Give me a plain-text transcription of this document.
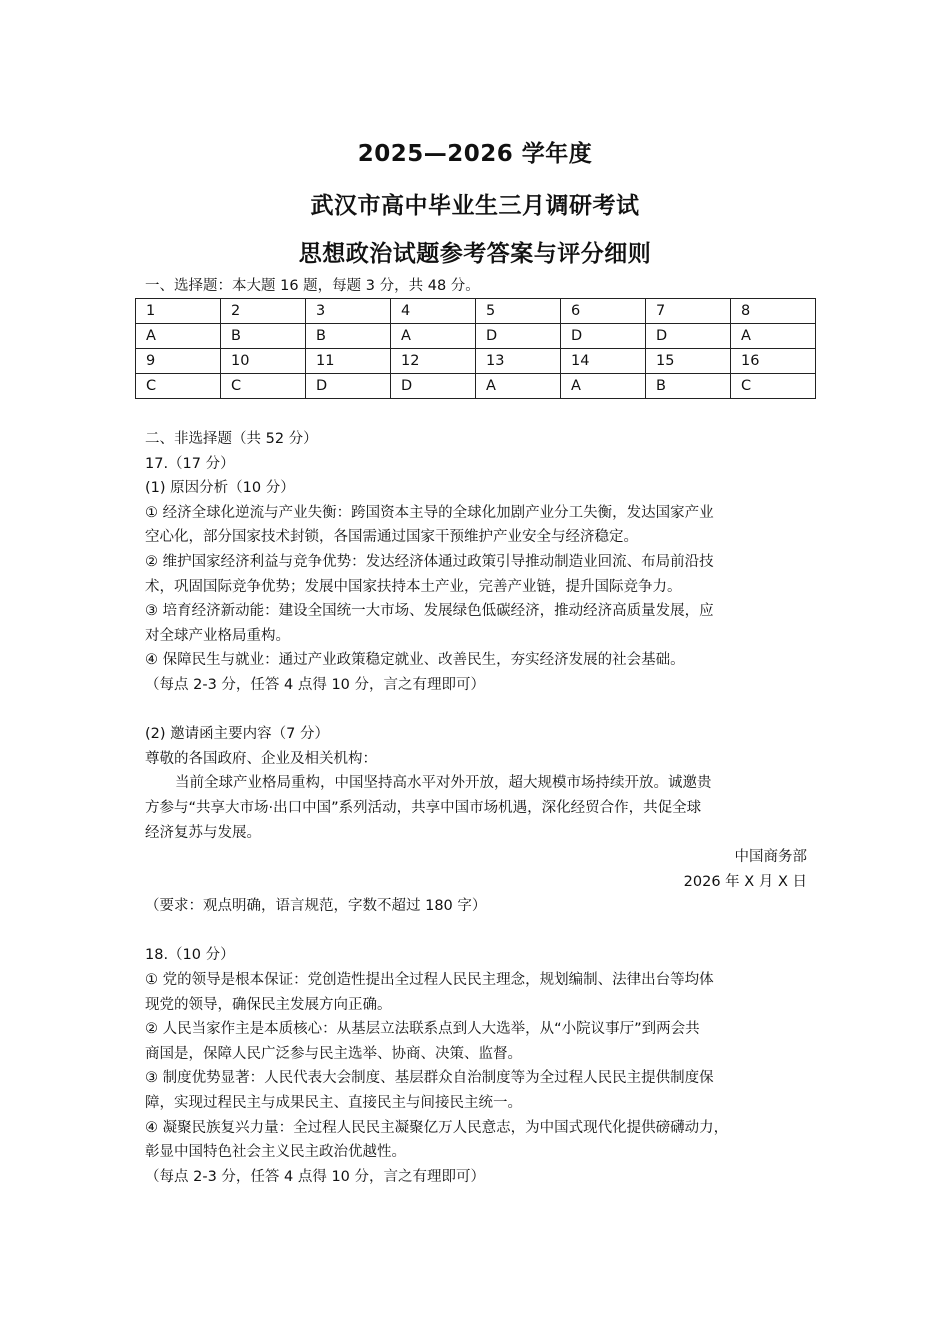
2025—2026 学年度
武汉市高中毕业生三月调研考试
思想政治试题参考答案与评分细则
一、选择题：本大题 16 题，每题 3 分，共 48 分。
1	2	3	4	5	6	7	8
A	B	B	A	D	D	D	A
9	10	11	12	13	14	15	16
C	C	D	D	A	A	B	C
二、非选择题（共 52 分）
17.（17 分）
(1) 原因分析（10 分）
① 经济全球化逆流与产业失衡：跨国资本主导的全球化加剧产业分工失衡，发达国家产业
空心化，部分国家技术封锁，各国需通过国家干预维护产业安全与经济稳定。
② 维护国家经济利益与竞争优势：发达经济体通过政策引导推动制造业回流、布局前沿技
术，巩固国际竞争优势；发展中国家扶持本土产业，完善产业链，提升国际竞争力。
③ 培育经济新动能：建设全国统一大市场、发展绿色低碳经济，推动经济高质量发展，应
对全球产业格局重构。
④ 保障民生与就业：通过产业政策稳定就业、改善民生，夯实经济发展的社会基础。
（每点 2-3 分，任答 4 点得 10 分，言之有理即可）
(2) 邀请函主要内容（7 分）
尊敬的各国政府、企业及相关机构：
当前全球产业格局重构，中国坚持高水平对外开放，超大规模市场持续开放。诚邀贵
方参与“共享大市场·出口中国”系列活动，共享中国市场机遇，深化经贸合作，共促全球
经济复苏与发展。
中国商务部
2026 年 X 月 X 日
（要求：观点明确，语言规范，字数不超过 180 字）
18.（10 分）
① 党的领导是根本保证：党创造性提出全过程人民民主理念，规划编制、法律出台等均体
现党的领导，确保民主发展方向正确。
② 人民当家作主是本质核心：从基层立法联系点到人大选举，从“小院议事厅”到两会共
商国是，保障人民广泛参与民主选举、协商、决策、监督。
③ 制度优势显著：人民代表大会制度、基层群众自治制度等为全过程人民民主提供制度保
障，实现过程民主与成果民主、直接民主与间接民主统一。
④ 凝聚民族复兴力量：全过程人民民主凝聚亿万人民意志，为中国式现代化提供磅礴动力，
彰显中国特色社会主义民主政治优越性。
（每点 2-3 分，任答 4 点得 10 分，言之有理即可）
